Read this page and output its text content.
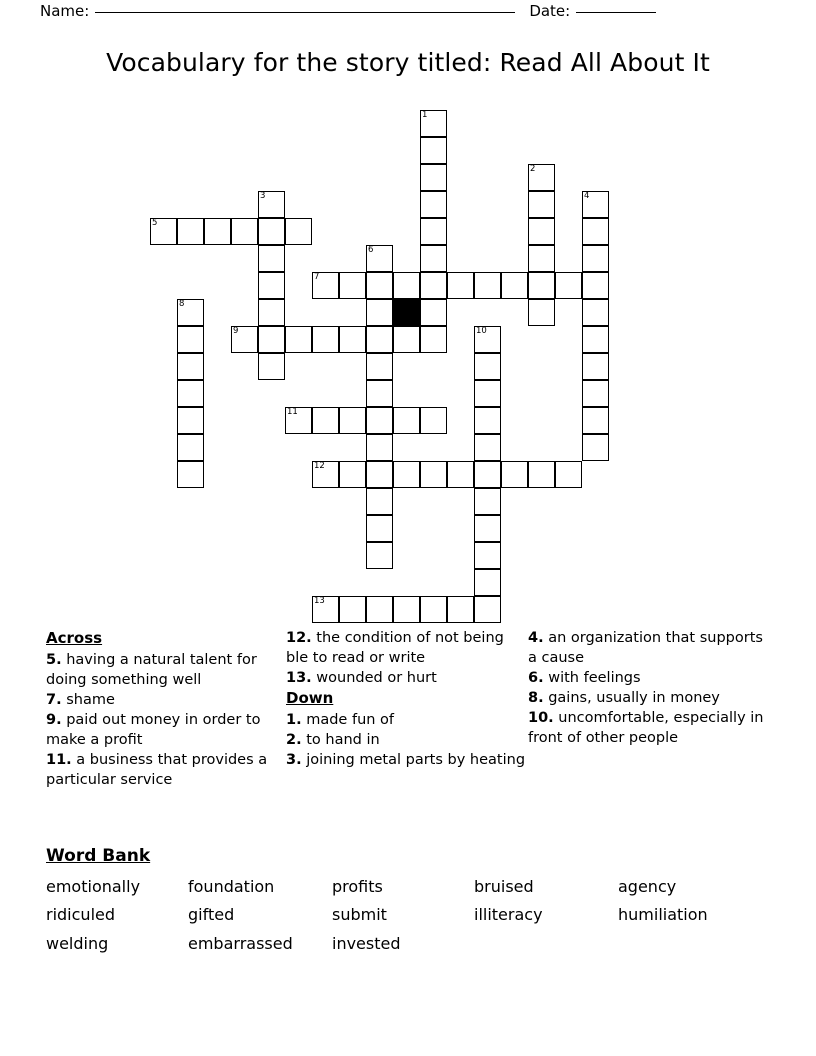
Name:	Date:
Vocabulary for the story titled: Read All About It
1
2
3	4
5
6
7
8
9	10
11
12
13
Across
5. having a natural talent for doing something well
7. shame
9. paid out money in order to make a profit
11. a business that provides a particular service
12. the condition of not being ble to read or write
13. wounded or hurt
Down
1. made fun of
2. to hand in
3. joining metal parts by heating
4. an organization that supports a cause
6. with feelings
8. gains, usually in money
10. uncomfortable, especially in front of other people
Word Bank
emotionally	foundation	profits	bruised	agency
ridiculed	gifted	submit	illiteracy	humiliation
welding	embarrassed	invested
